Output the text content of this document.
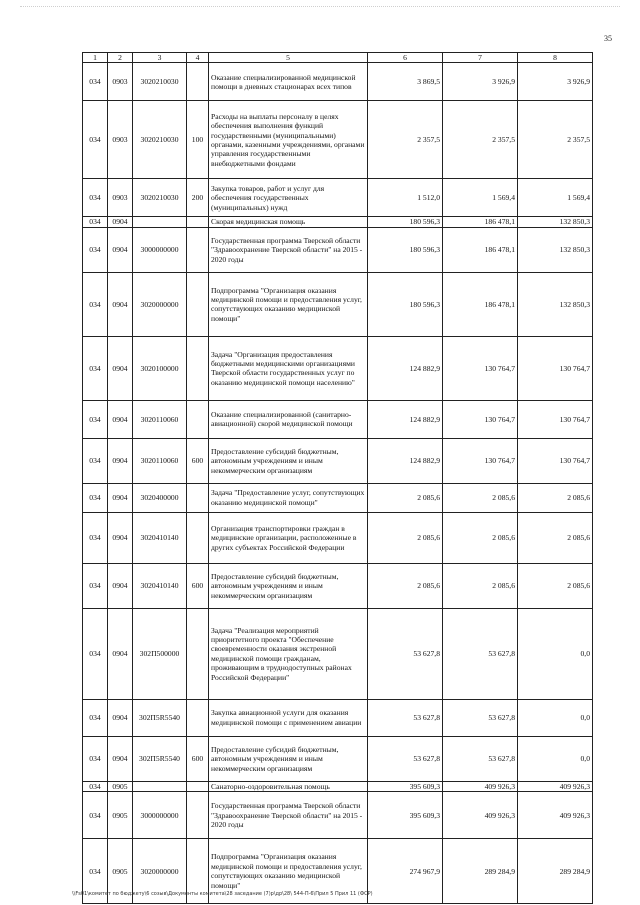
35
1	2	3	4	5	6	7	8
034	0903	3020210030		Оказание специализированной медицинской помощи в дневных стационарах всех типов	3 869,5	3 926,9	3 926,9
034	0903	3020210030	100	Расходы на выплаты персоналу в целях обеспечения выполнения функций государственными (муниципальными) органами, казенными учреждениями, органами управления государственными внебюджетными фондами	2 357,5	2 357,5	2 357,5
034	0903	3020210030	200	Закупка товаров, работ и услуг для обеспечения государственных (муниципальных) нужд	1 512,0	1 569,4	1 569,4
034	0904			Скорая медицинская помощь	180 596,3	186 478,1	132 850,3
034	0904	3000000000		Государственная программа Тверской области "Здравоохранение Тверской области" на 2015 - 2020 годы	180 596,3	186 478,1	132 850,3
034	0904	3020000000		Подпрограмма "Организация оказания медицинской помощи и предоставления услуг, сопутствующих оказанию медицинской помощи"	180 596,3	186 478,1	132 850,3
034	0904	3020100000		Задача "Организация предоставления бюджетными медицинскими организациями Тверской области государственных услуг по оказанию медицинской помощи населению"	124 882,9	130 764,7	130 764,7
034	0904	3020110060		Оказание специализированной (санитарно-авиационной) скорой медицинской помощи	124 882,9	130 764,7	130 764,7
034	0904	3020110060	600	Предоставление субсидий бюджетным, автономным учреждениям и иным некоммерческим организациям	124 882,9	130 764,7	130 764,7
034	0904	3020400000		Задача "Предоставление услуг, сопутствующих оказанию медицинской помощи"	2 085,6	2 085,6	2 085,6
034	0904	3020410140		Организация транспортировки граждан в медицинские организации, расположенные в других субъектах Российской Федерации	2 085,6	2 085,6	2 085,6
034	0904	3020410140	600	Предоставление субсидий бюджетным, автономным учреждениям и иным некоммерческим организациям	2 085,6	2 085,6	2 085,6
034	0904	302П500000		Задача "Реализация мероприятий приоритетного проекта "Обеспечение своевременности оказания экстренной медицинской помощи гражданам, проживающим в труднодоступных районах Российской Федерации"	53 627,8	53 627,8	0,0
034	0904	302П5R5540		Закупка авиационной услуги для оказания медицинской помощи с применением авиации	53 627,8	53 627,8	0,0
034	0904	302П5R5540	600	Предоставление субсидий бюджетным, автономным учреждениям и иным некоммерческим организациям	53 627,8	53 627,8	0,0
034	0905			Санаторно-оздоровительная помощь	395 609,3	409 926,3	409 926,3
034	0905	3000000000		Государственная программа Тверской области "Здравоохранение Тверской области" на 2015 - 2020 годы	395 609,3	409 926,3	409 926,3
034	0905	3020000000		Подпрограмма "Организация оказания медицинской помощи и предоставления услуг, сопутствующих оказанию медицинской помощи"	274 967,9	289 284,9	289 284,9
\\Fs01\комитет по бюджету\6 созыв\Документы комитета\28 заседание (7)р\др\28\ 544-П-6\Прил 5 Прил 11 (ФСР)
